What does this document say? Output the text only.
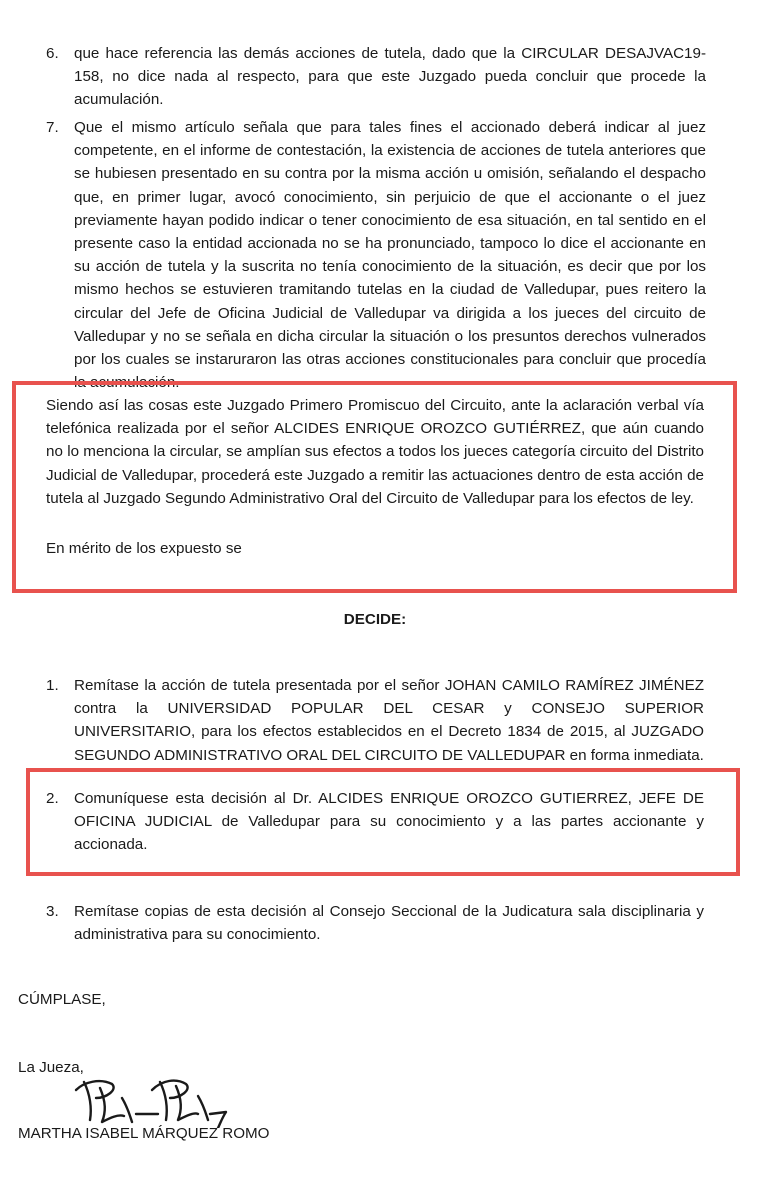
6. que hace referencia las demás acciones de tutela, dado que la CIRCULAR DESAJVAC19-158, no dice nada al respecto, para que este Juzgado pueda concluir que procede la acumulación.
7. Que el mismo artículo señala que para tales fines el accionado deberá indicar al juez competente, en el informe de contestación, la existencia de acciones de tutela anteriores que se hubiesen presentado en su contra por la misma acción u omisión, señalando el despacho que, en primer lugar, avocó conocimiento, sin perjuicio de que el accionante o el juez previamente hayan podido indicar o tener conocimiento de esa situación, en tal sentido en el presente caso la entidad accionada no se ha pronunciado, tampoco lo dice el accionante en su acción de tutela y la suscrita no tenía conocimiento de la situación, es decir que por los mismo hechos se estuvieren tramitando tutelas en la ciudad de Valledupar, pues reitero la circular del Jefe de Oficina Judicial de Valledupar va dirigida a los jueces del circuito de Valledupar y no se señala en dicha circular la situación o los presuntos derechos vulnerados por los cuales se instaruraron las otras acciones constitucionales para concluir que procedía la acumulación.
Siendo así las cosas este Juzgado Primero Promiscuo del Circuito, ante la aclaración verbal vía telefónica realizada por el señor ALCIDES ENRIQUE OROZCO GUTIÉRREZ, que aún cuando no lo menciona la circular, se amplían sus efectos a todos los jueces categoría circuito del Distrito Judicial de Valledupar, procederá este Juzgado a remitir las actuaciones dentro de esta acción de tutela al Juzgado Segundo Administrativo Oral del Circuito de Valledupar para los efectos de ley.
En mérito de los expuesto se
DECIDE:
1. Remítase la acción de tutela presentada por el señor JOHAN CAMILO RAMÍREZ JIMÉNEZ contra la UNIVERSIDAD POPULAR DEL CESAR y CONSEJO SUPERIOR UNIVERSITARIO, para los efectos establecidos en el Decreto 1834 de 2015, al JUZGADO SEGUNDO ADMINISTRATIVO ORAL DEL CIRCUITO DE VALLEDUPAR en forma inmediata.
2. Comuníquese esta decisión al Dr. ALCIDES ENRIQUE OROZCO GUTIERREZ, JEFE DE OFICINA JUDICIAL de Valledupar para su conocimiento y a las partes accionante y accionada.
3. Remítase copias de esta decisión al Consejo Seccional de la Judicatura sala disciplinaria y administrativa para su conocimiento.
CÚMPLASE,
La Jueza,
MARTHA ISABEL MÁRQUEZ ROMO
